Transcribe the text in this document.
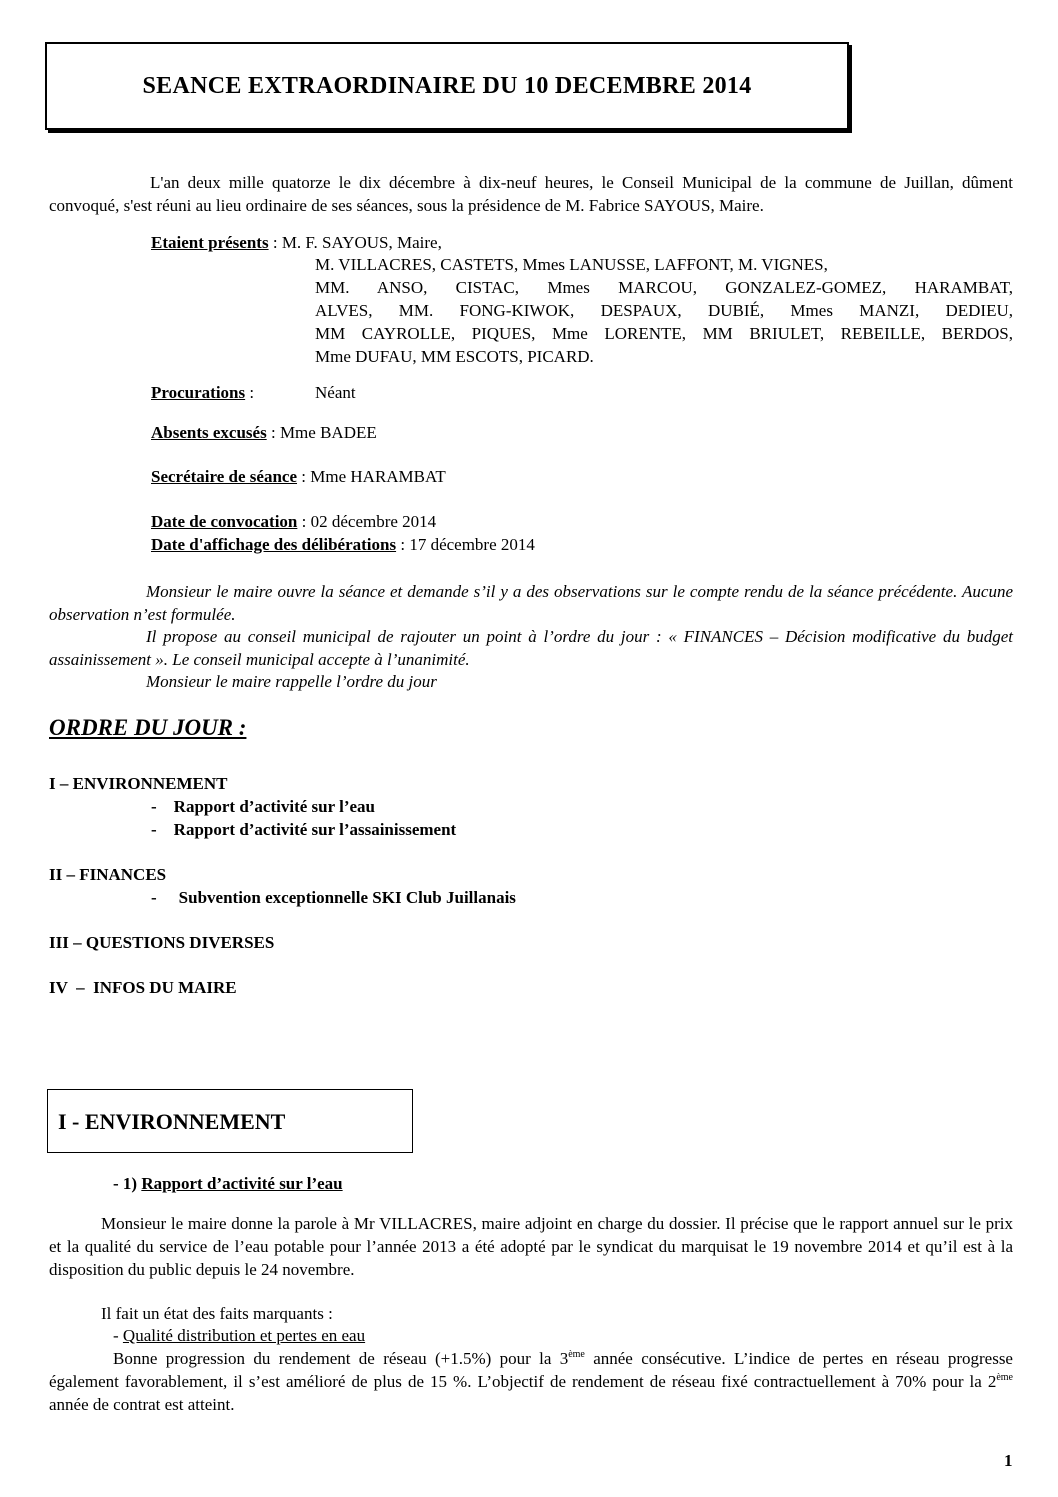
SEANCE EXTRAORDINAIRE DU 10 DECEMBRE 2014

L'an deux mille quatorze le dix décembre à dix-neuf heures, le Conseil Municipal de la commune de Juillan, dûment convoqué, s'est réuni au lieu ordinaire de ses séances, sous la présidence de M. Fabrice SAYOUS, Maire.

Etaient présents : M. F. SAYOUS, Maire,
M. VILLACRES, CASTETS, Mmes LANUSSE, LAFFONT, M. VIGNES,
MM. ANSO, CISTAC, Mmes MARCOU, GONZALEZ-GOMEZ, HARAMBAT,
ALVES, MM. FONG-KIWOK, DESPAUX, DUBIÉ, Mmes MANZI, DEDIEU,
MM CAYROLLE, PIQUES, Mme LORENTE, MM BRIULET, REBEILLE, BERDOS,
Mme DUFAU, MM ESCOTS, PICARD.
Procurations :	Néant
Absents excusés : Mme BADEE
Secrétaire de séance : Mme HARAMBAT
Date de convocation : 02 décembre 2014
Date d'affichage des délibérations : 17 décembre 2014

Monsieur le maire ouvre la séance et demande s’il y a des observations sur le compte rendu de la séance précédente. Aucune observation n’est formulée.

Il propose au conseil municipal de rajouter un point à l’ordre du jour : « FINANCES – Décision modificative du budget assainissement ». Le conseil municipal accepte à l’unanimité.

Monsieur le maire rappelle l’ordre du jour

ORDRE DU JOUR :
I – ENVIRONNEMENT
- Rapport d’activité sur l’eau
- Rapport d’activité sur l’assainissement
II – FINANCES
- Subvention exceptionnelle SKI Club Juillanais
III – QUESTIONS DIVERSES
IV  –  INFOS DU MAIRE
I - ENVIRONNEMENT
- 1) Rapport d’activité sur l’eau

Monsieur le maire donne la parole à Mr VILLACRES, maire adjoint en charge du dossier. Il précise que le rapport annuel sur le prix et la qualité du service de l’eau potable pour l’année 2013 a été adopté par le syndicat du marquisat le 19 novembre 2014 et qu’il est à la disposition du public depuis le 24 novembre.

Il fait un état des faits marquants :
- Qualité distribution et pertes en eau

Bonne progression du rendement de réseau (+1.5%) pour la 3ème année consécutive. L’indice de pertes en réseau progresse également favorablement, il s’est amélioré de plus de 15 %. L’objectif de rendement de réseau fixé contractuellement à 70% pour la 2ème année de contrat est atteint.

1
